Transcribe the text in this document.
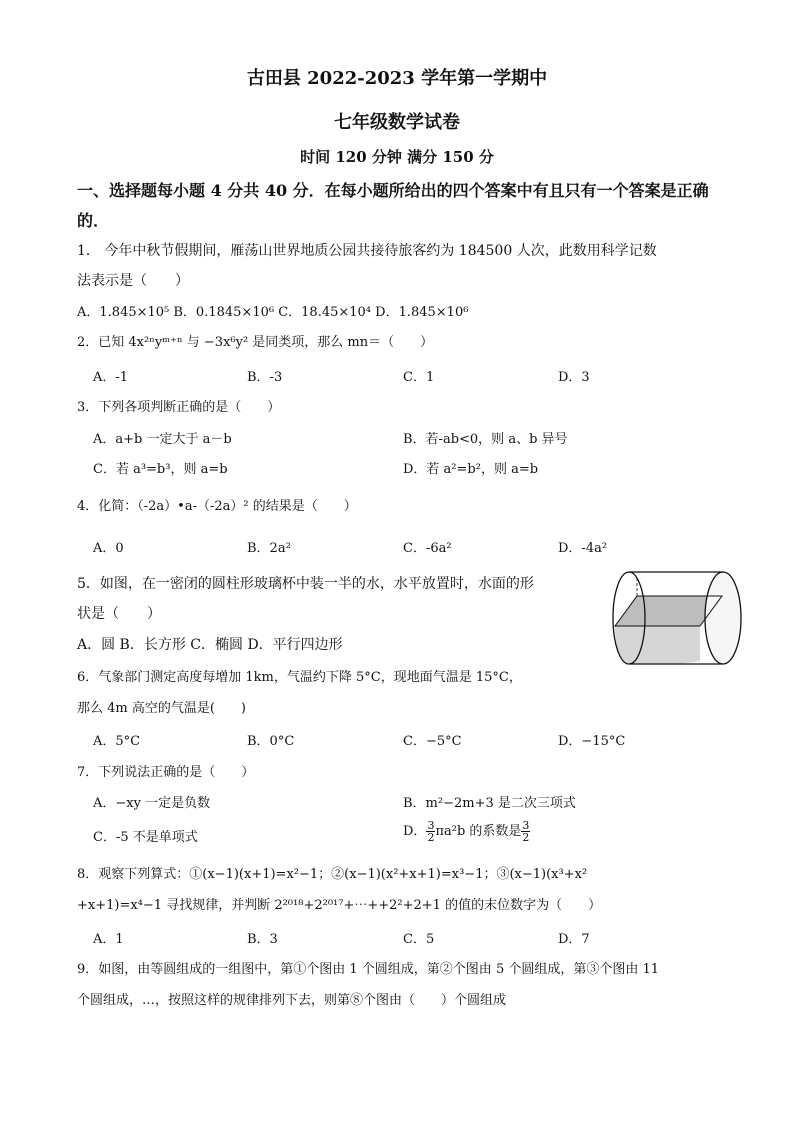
古田县 2022-2023 学年第一学期中
七年级数学试卷
时间 120 分钟 满分 150 分
一、选择题每小题 4 分共 40 分．在每小题所给出的四个答案中有且只有一个答案是正确
的．
1． 今年中秋节假期间，雁荡山世界地质公园共接待旅客约为 184500 人次，此数用科学记数
法表示是（　　）
A．1.845×10⁵ B．0.1845×10⁶ C．18.45×10⁴ D．1.845×10⁶
2．已知 4x²ⁿyᵐ⁺ⁿ 与 −3x⁶y² 是同类项，那么 mn＝（　　）
A．-1	B．-3	C．1	D．3
3．下列各项判断正确的是（　　）
A．a+b 一定大于 a－b	B．若-ab<0，则 a、b 异号
C．若 a³=b³，则 a=b	D．若 a²=b²，则 a=b
4．化简：（-2a）•a-（-2a）² 的结果是（　　）
A．0	B．2a²	C．-6a²	D．-4a²
5．如图，在一密闭的圆柱形玻璃杯中装一半的水，水平放置时，水面的形
状是（　　）
A．圆 B．长方形 C．椭圆 D．平行四边形
6．气象部门测定高度每增加 1km，气温约下降 5°C，现地面气温是 15°C，
那么 4m 高空的气温是(　　)
A．5°C	B．0°C	C．−5°C	D．−15°C
7．下列说法正确的是（　　）
A．−xy 一定是负数	B．m²−2m+3 是二次三项式
C．-5 不是单项式	D． $\frac{3}{2} \pi a^2b$ 的系数是 $\frac{3}{2}$
8．观察下列算式：①(x−1)(x+1)=x²−1；②(x−1)(x²+x+1)=x³−1；③(x−1)(x³+x²
+x+1)=x⁴−1 寻找规律，并判断 2²⁰¹⁸+2²⁰¹⁷+⋯++2²+2+1 的值的末位数字为（　　）
A．1	B．3	C．5	D．7
9．如图，由等圆组成的一组图中，第①个图由 1 个圆组成，第②个图由 5 个圆组成，第③个图由 11
个圆组成，…，按照这样的规律排列下去，则第⑧个图由（　　）个圆组成
